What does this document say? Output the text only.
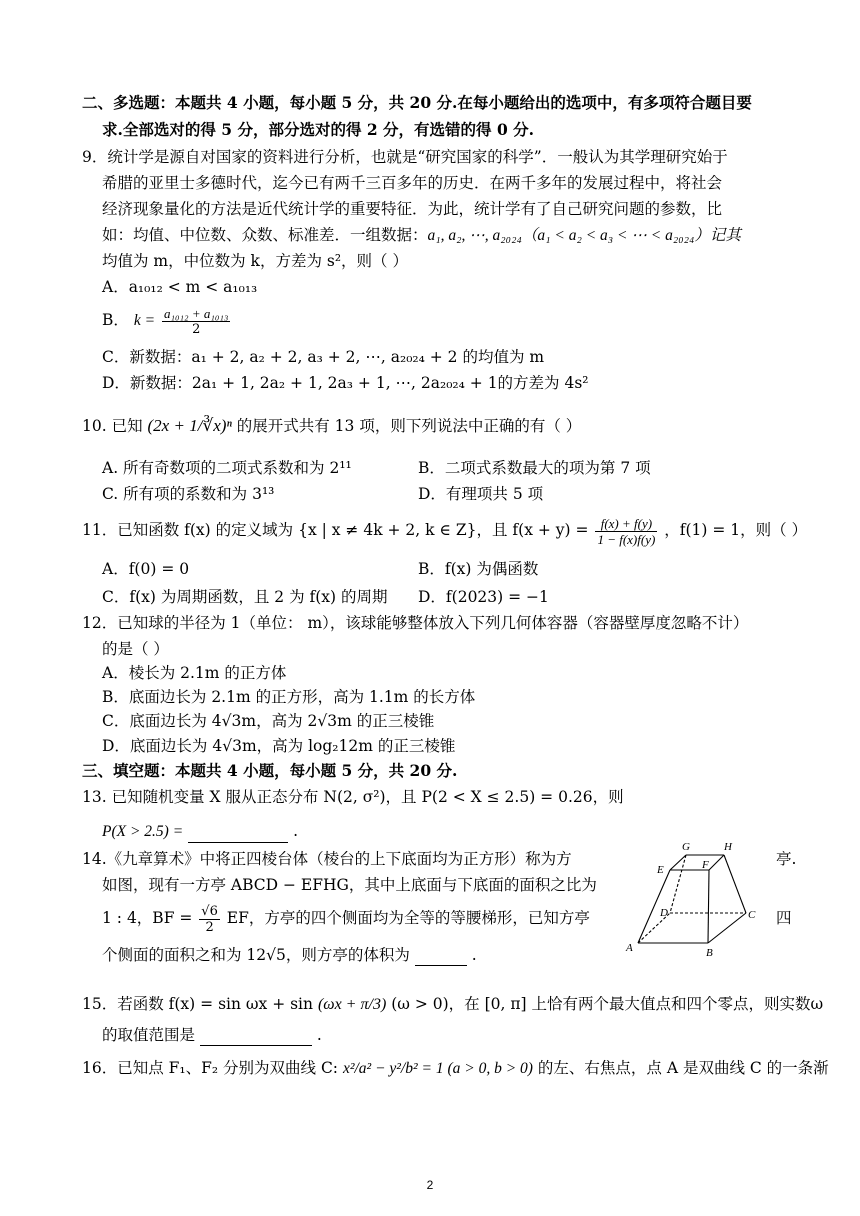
二、多选题：本题共 4 小题，每小题 5 分，共 20 分.在每小题给出的选项中，有多项符合题目要
求.全部选对的得 5 分，部分选对的得 2 分，有选错的得 0 分.
9．统计学是源自对国家的资料进行分析，也就是“研究国家的科学”．一般认为其学理研究始于
希腊的亚里士多德时代，迄今已有两千三百多年的历史．在两千多年的发展过程中，将社会
经济现象量化的方法是近代统计学的重要特征．为此，统计学有了自己研究问题的参数，比
如：均值、中位数、众数、标准差．一组数据：a₁, a₂, ⋯, a₂₀₂₄（a₁ < a₂ < a₃ < ⋯ < a₂₀₂₄）记其
均值为 m，中位数为 k，方差为 s²，则（ ）
A．a₁₀₁₂ < m < a₁₀₁₃
B． $k = \frac{\text{a₁₀₁₂ + a₁₀₁₃}}{2}$
C．新数据：a₁ + 2, a₂ + 2, a₃ + 2, ⋯, a₂₀₂₄ + 2 的均值为 m
D．新数据：2a₁ + 1, 2a₂ + 1, 2a₃ + 1, ⋯, 2a₂₀₂₄ + 1的方差为 4s²
10. 已知 (2x + 1/∛x)ⁿ 的展开式共有 13 项，则下列说法中正确的有（ ）
A. 所有奇数项的二项式系数和为 2¹¹	B．二项式系数最大的项为第 7 项
C. 所有项的系数和为 3¹³	D．有理项共 5 项
11．已知函数 f(x) 的定义域为 {x | x ≠ 4k + 2, k ∈ Z}，且 $f(x + y) = \frac{f(x) + f(y)}{1 - f(x)f(y)}$ ，f(1) = 1，则（ ）
A．f(0) = 0	B．f(x) 为偶函数
C．f(x) 为周期函数，且 2 为 f(x) 的周期 D．f(2023) = −1
12．已知球的半径为 1（单位： m），该球能够整体放入下列几何体容器（容器壁厚度忽略不计）
的是（ ）
A．棱长为 2.1m 的正方体
B．底面边长为 2.1m 的正方形，高为 1.1m 的长方体
C．底面边长为 4√3m，高为 2√3m 的正三棱锥
D．底面边长为 4√3m，高为 log₂12m 的正三棱锥
三、填空题：本题共 4 小题，每小题 5 分，共 20 分.
13. 已知随机变量 X 服从正态分布 N(2, σ²)，且 P(2 < X ≤ 2.5) = 0.26，则
P(X > 2.5) =	.
14.《九章算术》中将正四棱台体（棱台的上下底面均为正方形）称为方	亭.
如图，现有一方亭 ABCD − EFHG，其中上底面与下底面的面积之比为
1 : 4，BF = $\frac{√6}{2}$ EF，方亭的四个侧面均为全等的等腰梯形，已知方亭	四
个侧面的面积之和为 12√5，则方亭的体积为	.
G	H
E	F
D	C
A	B
15．若函数 f(x) = sin ωx + sin (ωx + π/3) (ω > 0)，在 [0, π] 上恰有两个最大值点和四个零点，则实数ω
的取值范围是	.
16．已知点 F₁、F₂ 分别为双曲线 C: x²/a² − y²/b² = 1 (a > 0, b > 0) 的左、右焦点，点 A 是双曲线 C 的一条渐
2
